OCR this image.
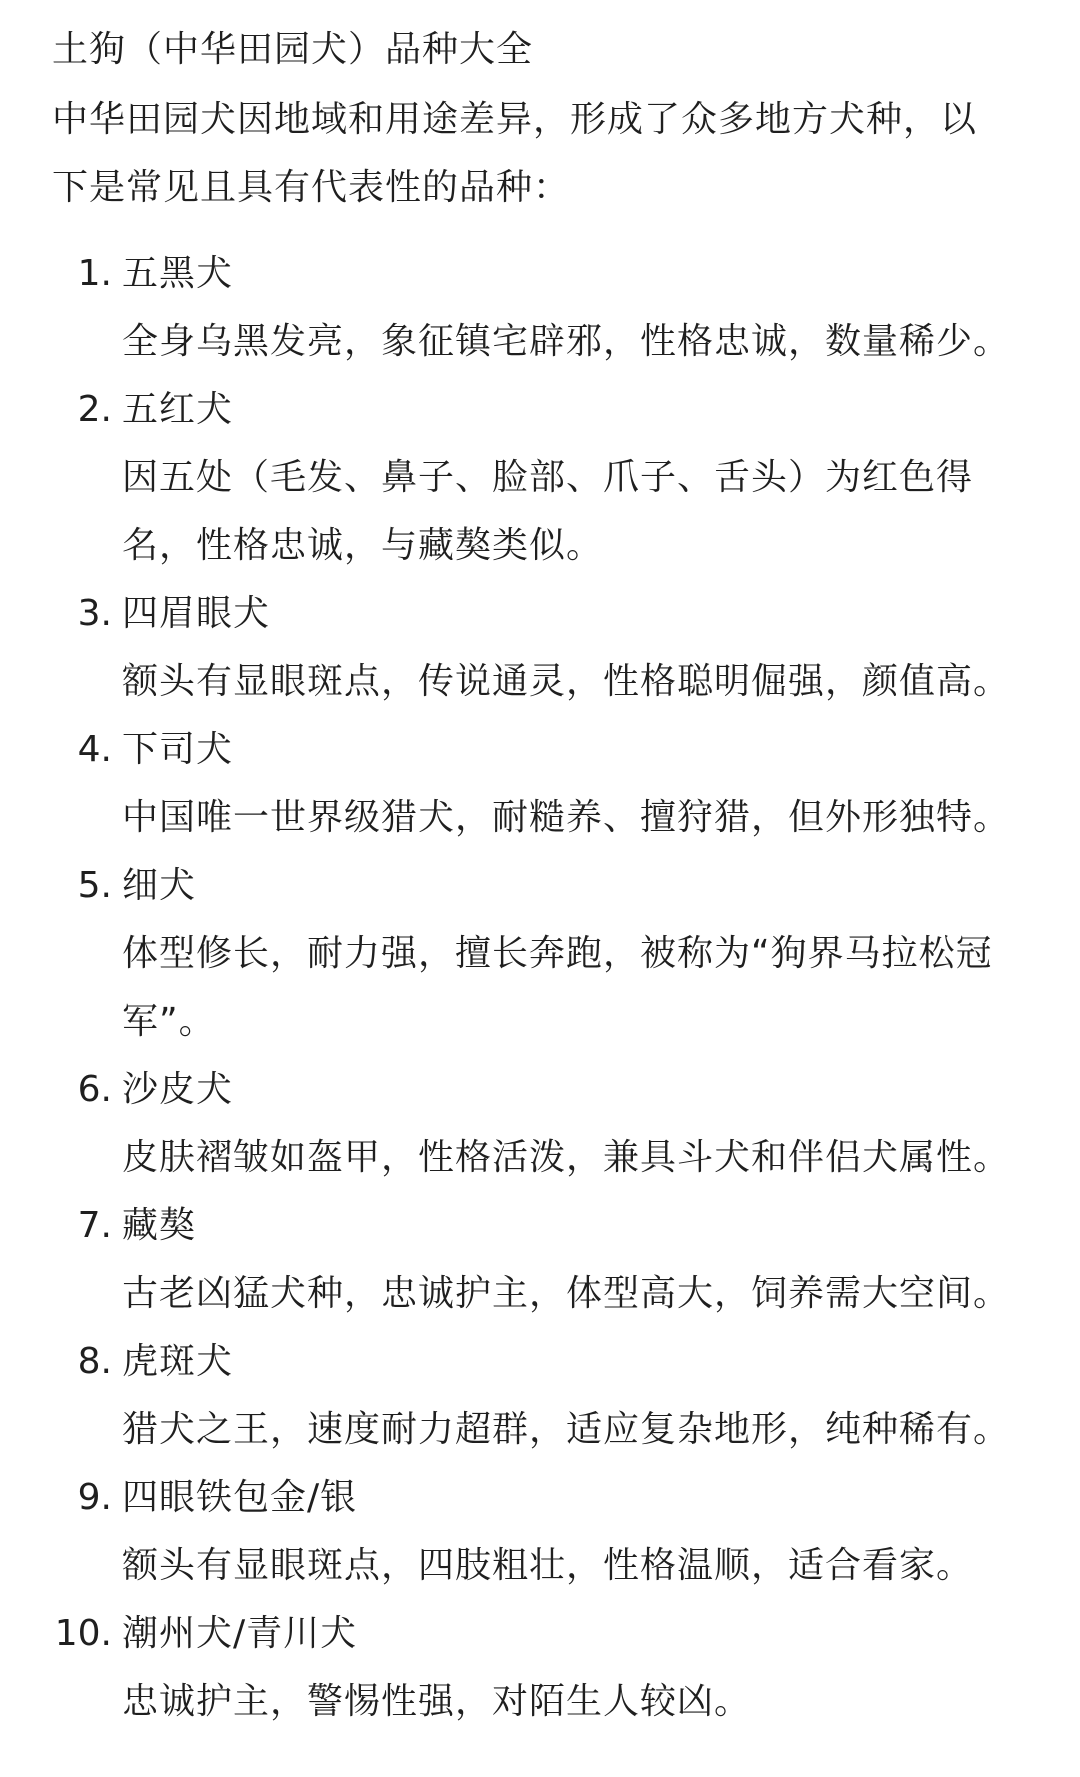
土狗（中华田园犬）品种大全
中华田园犬因地域和用途差异，形成了众多地方犬种，以
下是常见且具有代表性的品种：
1. 五黑犬
全身乌黑发亮，象征镇宅辟邪，性格忠诚，数量稀少。
2. 五红犬
因五处（毛发、鼻子、脸部、爪子、舌头）为红色得
名，性格忠诚，与藏獒类似。
3. 四眉眼犬
额头有显眼斑点，传说通灵，性格聪明倔强，颜值高。
4. 下司犬
中国唯一世界级猎犬，耐糙养、擅狩猎，但外形独特。
5. 细犬
体型修长，耐力强，擅长奔跑，被称为“狗界马拉松冠
军”。
6. 沙皮犬
皮肤褶皱如盔甲，性格活泼，兼具斗犬和伴侣犬属性。
7. 藏獒
古老凶猛犬种，忠诚护主，体型高大，饲养需大空间。
8. 虎斑犬
猎犬之王，速度耐力超群，适应复杂地形，纯种稀有。
9. 四眼铁包金/银
额头有显眼斑点，四肢粗壮，性格温顺，适合看家。
10. 潮州犬/青川犬
忠诚护主，警惕性强，对陌生人较凶。
